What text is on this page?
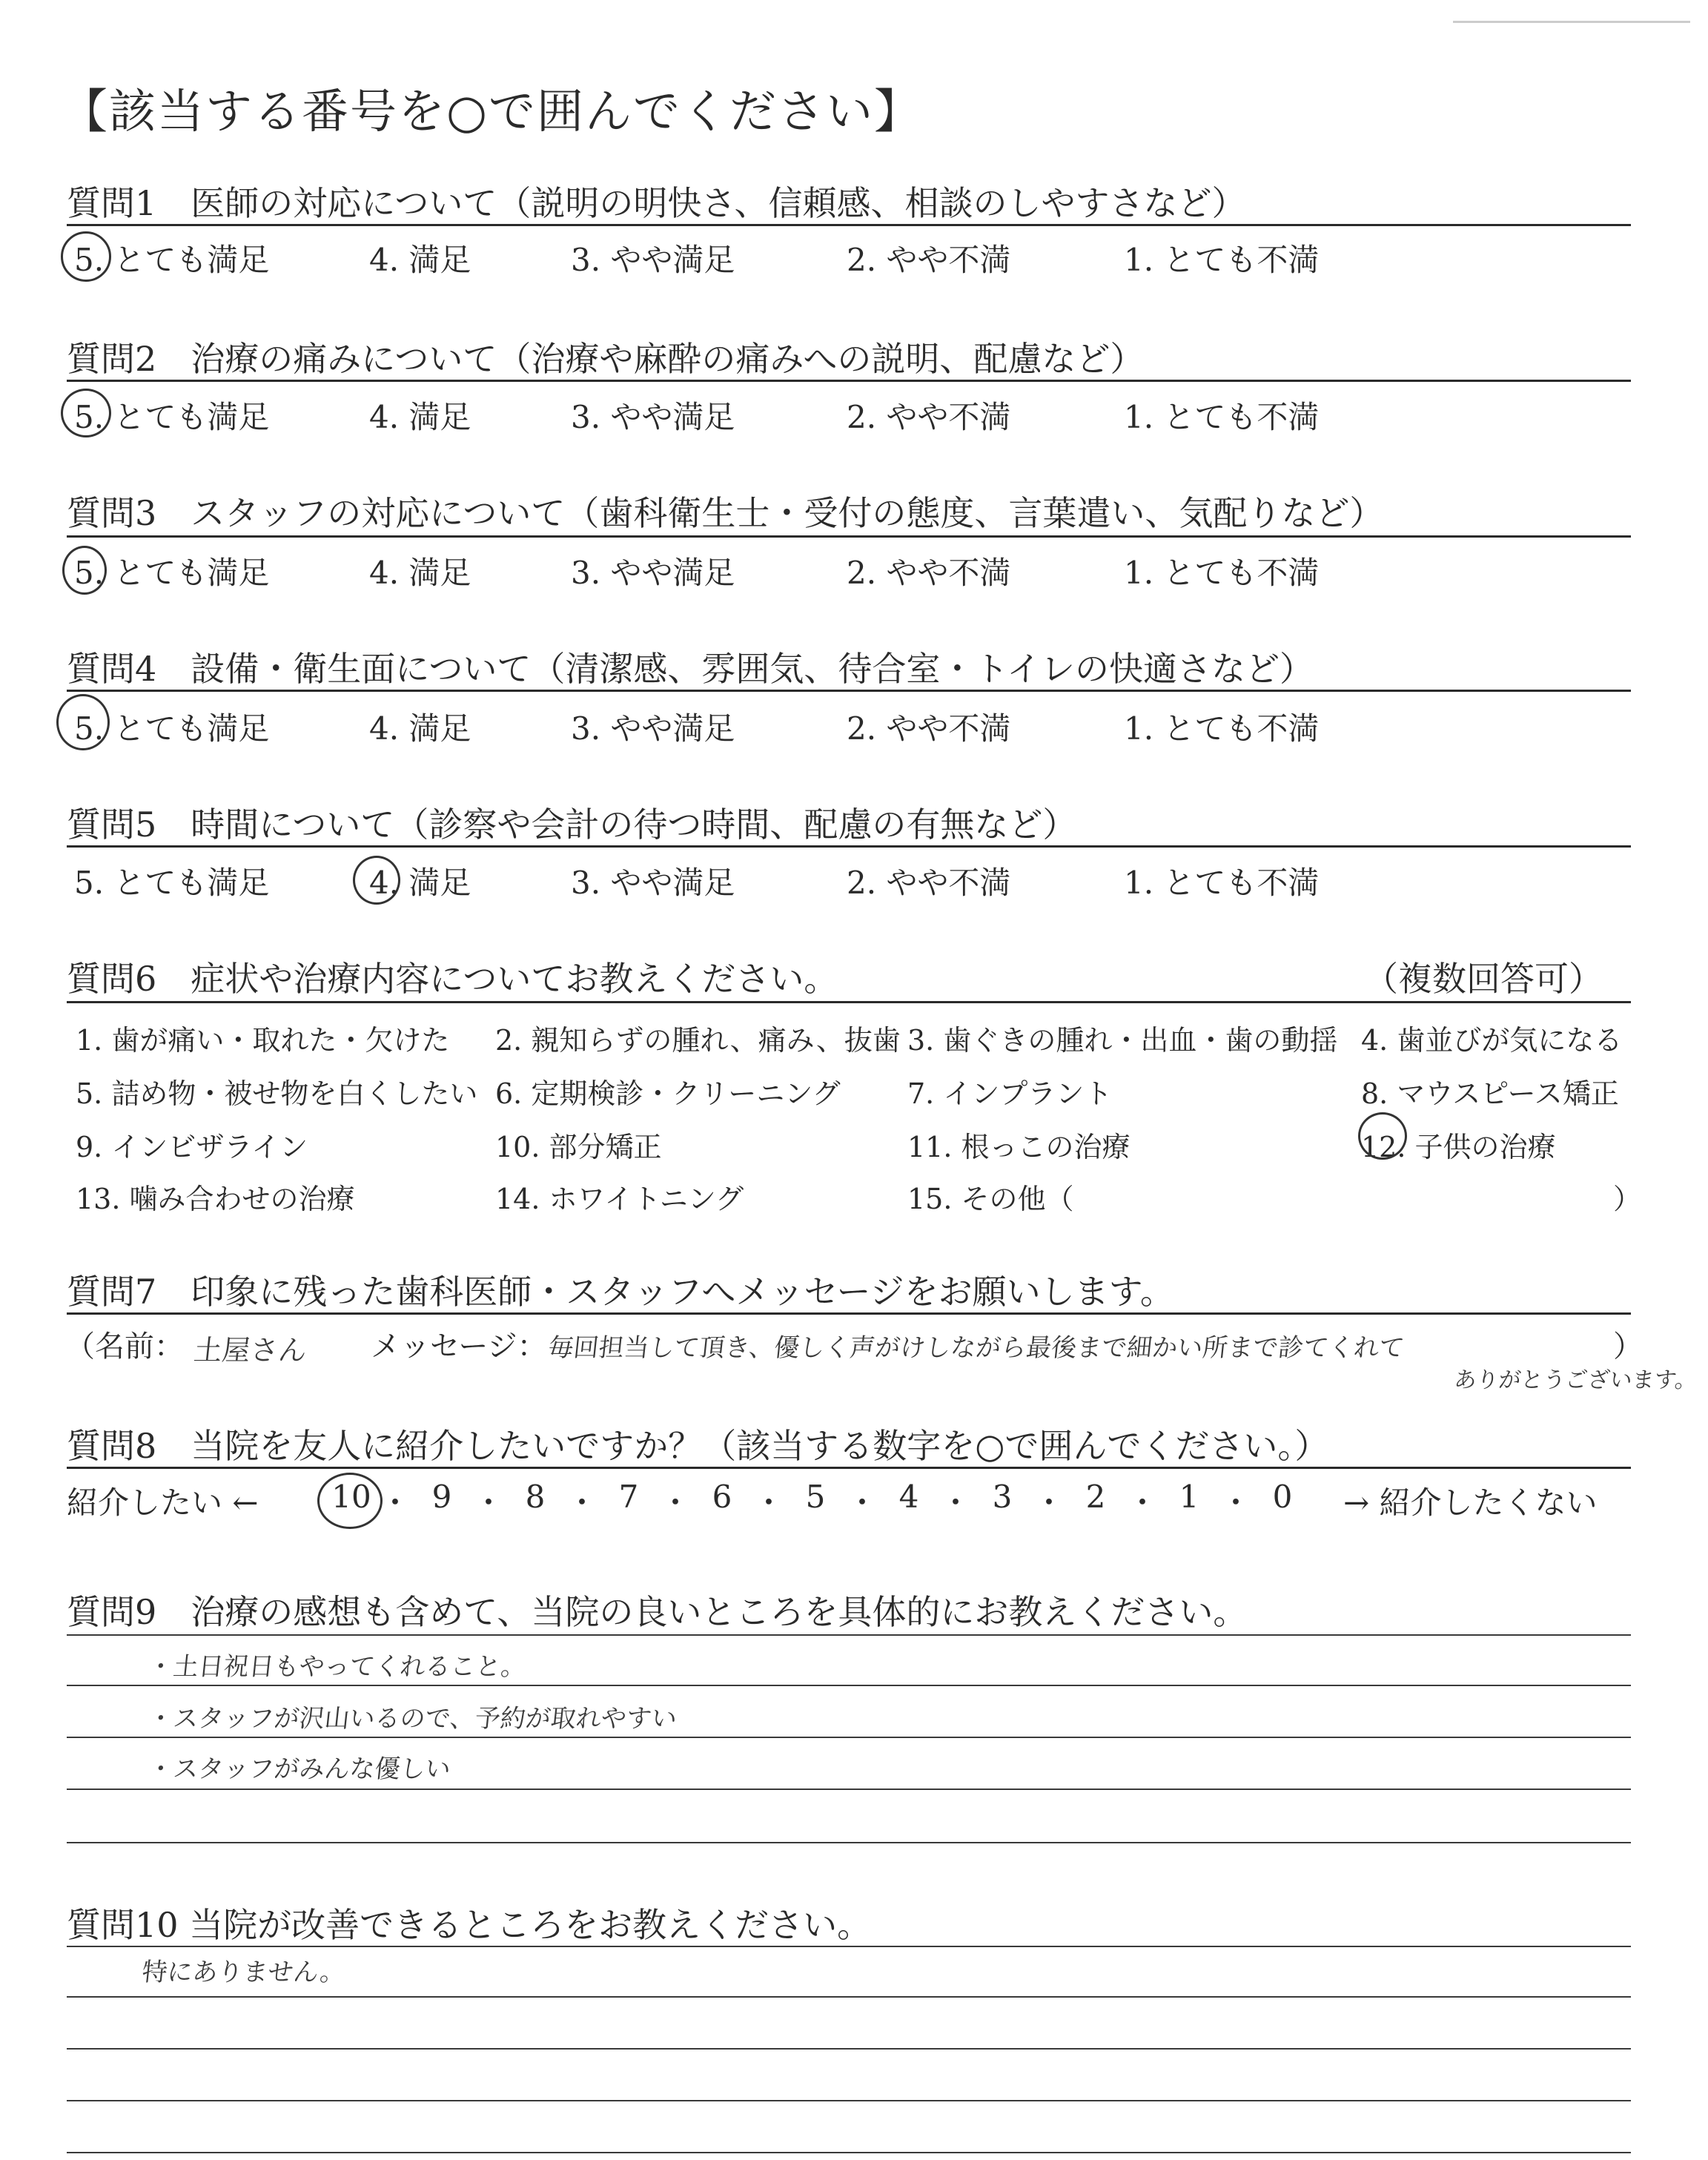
【該当する番号を○で囲んでください】
質問1　医師の対応について（説明の明快さ、信頼感、相談のしやすさなど）
5. とても満足	4. 満足	3. やや満足	2. やや不満	1. とても不満
質問2　治療の痛みについて（治療や麻酔の痛みへの説明、配慮など）
5. とても満足	4. 満足	3. やや満足	2. やや不満	1. とても不満
質問3　スタッフの対応について（歯科衛生士・受付の態度、言葉遣い、気配りなど）
5. とても満足	4. 満足	3. やや満足	2. やや不満	1. とても不満
質問4　設備・衛生面について（清潔感、雰囲気、待合室・トイレの快適さなど）
5. とても満足	4. 満足	3. やや満足	2. やや不満	1. とても不満
質問5　時間について（診察や会計の待つ時間、配慮の有無など）
5. とても満足	4. 満足	3. やや満足	2. やや不満	1. とても不満
質問6　症状や治療内容についてお教えください。	（複数回答可）
1. 歯が痛い・取れた・欠けた 2. 親知らずの腫れ、痛み、抜歯 3. 歯ぐきの腫れ・出血・歯の動揺 4. 歯並びが気になる
5. 詰め物・被せ物を白くしたい 6. 定期検診・クリーニング 7. インプラント	8. マウスピース矯正
9. インビザライン	10. 部分矯正	11. 根っこの治療	12. 子供の治療
13. 噛み合わせの治療	14. ホワイトニング	15. その他（	）
質問7　印象に残った歯科医師・スタッフへメッセージをお願いします。
（名前： 土屋さん メッセージ： 毎回担当して頂き、優しく声がけしながら最後まで細かい所まで診てくれて	）
ありがとうございます。
質問8　当院を友人に紹介したいですか？（該当する数字を○で囲んでください。）
紹介したい ← 10 ・ 9 ・ 8 ・ 7 ・ 6 ・ 5 ・ 4 ・ 3 ・ 2 ・ 1 ・ 0	→ 紹介したくない
質問9　治療の感想も含めて、当院の良いところを具体的にお教えください。
・土日祝日もやってくれること。
・スタッフが沢山いるので、予約が取れやすい
・スタッフがみんな優しい
質問10 当院が改善できるところをお教えください。
特にありません。
